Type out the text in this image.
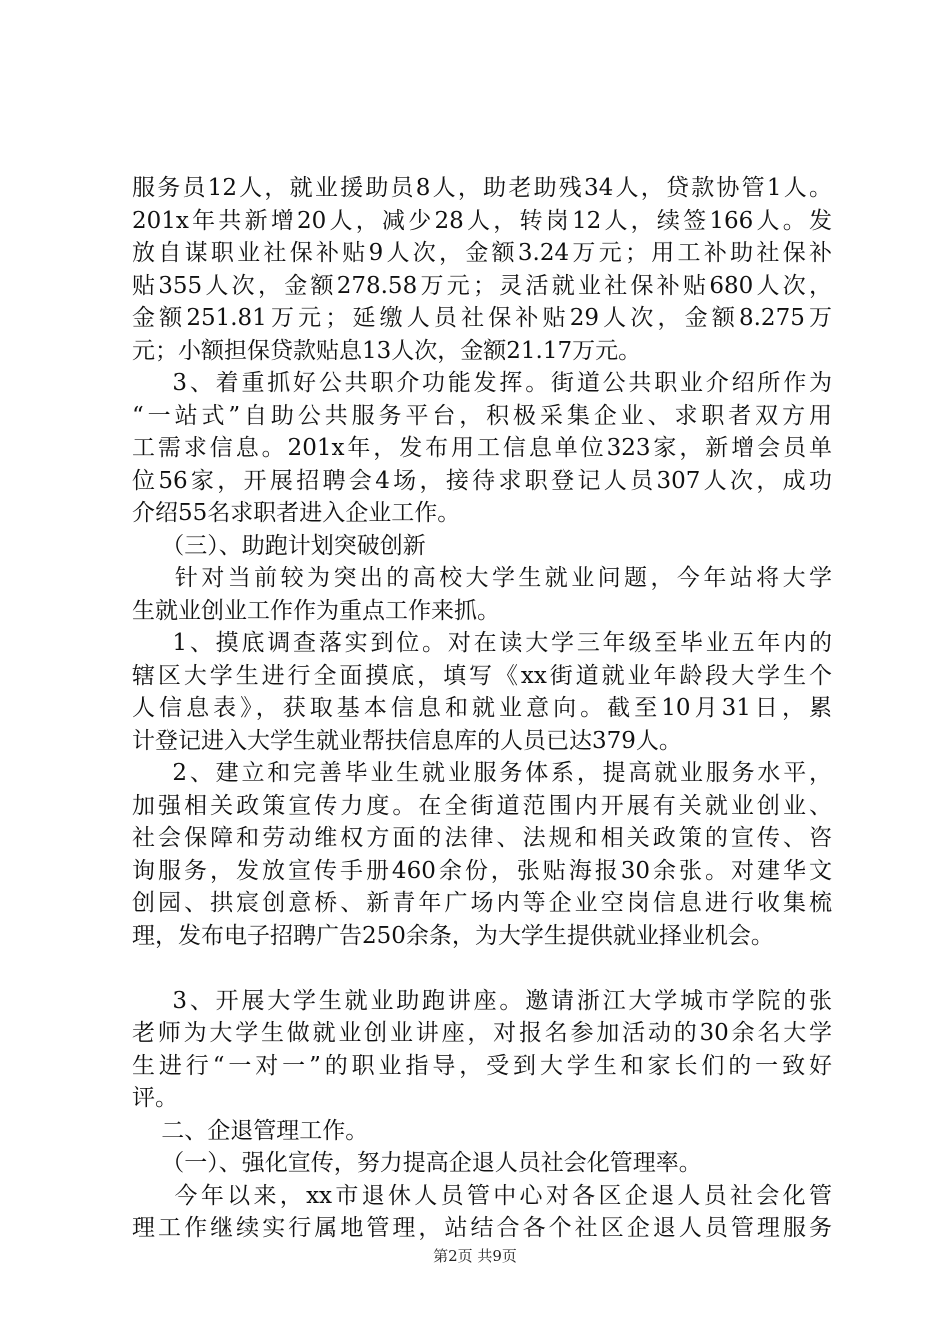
服务员12人，就业援助员8人，助老助残34人，贷款协管1人。
201x年共新增20人，减少28人，转岗12人，续签166人。发
放自谋职业社保补贴9人次，金额3.24万元；用工补助社保补
贴355人次，金额278.58万元；灵活就业社保补贴680人次，
金额251.81万元；延缴人员社保补贴29人次，金额8.275万
元；小额担保贷款贴息13人次，金额21.17万元。
3、着重抓好公共职介功能发挥。街道公共职业介绍所作为
“一站式”自助公共服务平台，积极采集企业、求职者双方用
工需求信息。201x年，发布用工信息单位323家，新增会员单
位56家，开展招聘会4场，接待求职登记人员307人次，成功
介绍55名求职者进入企业工作。
（三）、助跑计划突破创新
针对当前较为突出的高校大学生就业问题，今年站将大学
生就业创业工作作为重点工作来抓。
1、摸底调查落实到位。对在读大学三年级至毕业五年内的
辖区大学生进行全面摸底，填写《xx街道就业年龄段大学生个
人信息表》，获取基本信息和就业意向。截至10月31日，累
计登记进入大学生就业帮扶信息库的人员已达379人。
2、建立和完善毕业生就业服务体系，提高就业服务水平，
加强相关政策宣传力度。在全街道范围内开展有关就业创业、
社会保障和劳动维权方面的法律、法规和相关政策的宣传、咨
询服务，发放宣传手册460余份，张贴海报30余张。对建华文
创园、拱宸创意桥、新青年广场内等企业空岗信息进行收集梳
理，发布电子招聘广告250余条，为大学生提供就业择业机会。
3、开展大学生就业助跑讲座。邀请浙江大学城市学院的张
老师为大学生做就业创业讲座，对报名参加活动的30余名大学
生进行“一对一”的职业指导，受到大学生和家长们的一致好
评。
二、企退管理工作。
（一）、强化宣传，努力提高企退人员社会化管理率。
今年以来，xx市退休人员管中心对各区企退人员社会化管
理工作继续实行属地管理，站结合各个社区企退人员管理服务
第2页 共9页
